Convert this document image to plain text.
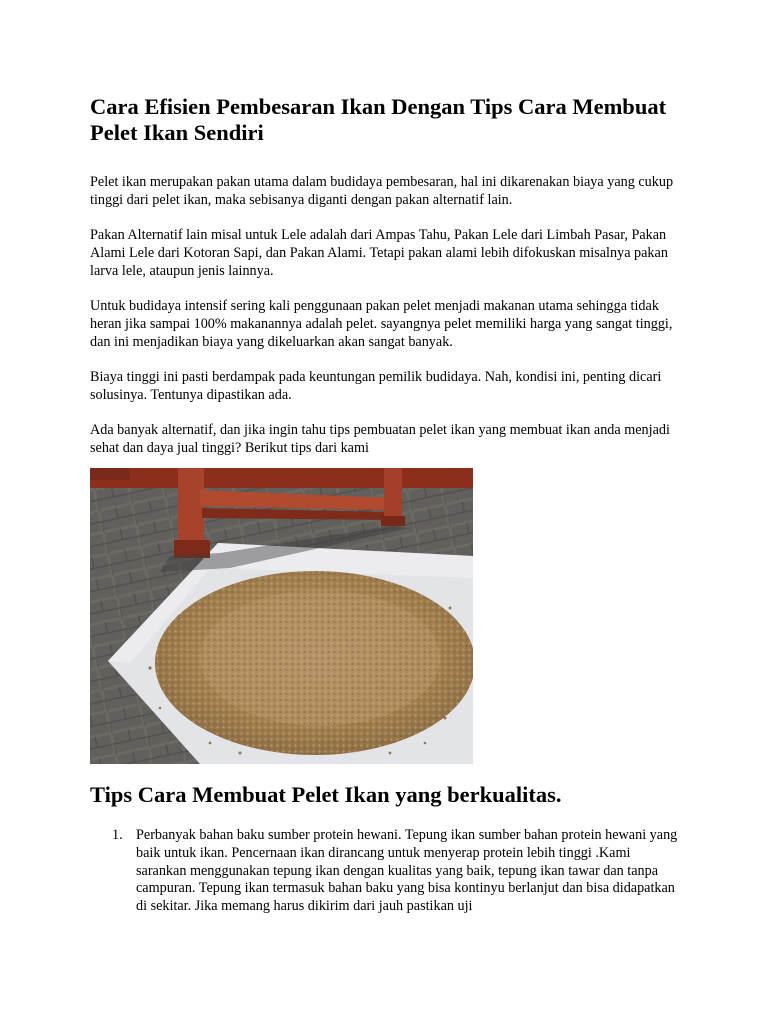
Cara Efisien Pembesaran Ikan Dengan Tips Cara Membuat Pelet Ikan Sendiri

Pelet ikan merupakan pakan utama dalam budidaya pembesaran, hal ini dikarenakan biaya yang cukup tinggi dari pelet ikan, maka sebisanya diganti dengan pakan alternatif lain.

Pakan Alternatif lain misal untuk Lele adalah dari Ampas Tahu, Pakan Lele dari Limbah Pasar, Pakan Alami Lele dari Kotoran Sapi, dan Pakan Alami. Tetapi pakan alami lebih difokuskan misalnya pakan larva lele, ataupun jenis lainnya.

Untuk budidaya intensif sering kali penggunaan pakan pelet menjadi makanan utama sehingga tidak heran jika sampai 100% makanannya adalah pelet. sayangnya pelet memiliki harga yang sangat tinggi, dan ini menjadikan biaya yang dikeluarkan akan sangat banyak.

Biaya tinggi ini pasti berdampak pada keuntungan pemilik budidaya. Nah, kondisi ini, penting dicari solusinya. Tentunya dipastikan ada.

Ada banyak alternatif, dan jika ingin tahu tips pembuatan pelet ikan yang membuat ikan anda menjadi sehat dan daya jual tinggi? Berikut tips dari kami

Tips Cara Membuat Pelet Ikan yang berkualitas.
1. Perbanyak bahan baku sumber protein hewani. Tepung ikan sumber bahan protein hewani yang baik untuk ikan. Pencernaan ikan dirancang untuk menyerap protein lebih tinggi .Kami sarankan menggunakan tepung ikan dengan kualitas yang baik, tepung ikan tawar dan tanpa campuran. Tepung ikan termasuk bahan baku yang bisa kontinyu berlanjut dan bisa didapatkan di sekitar. Jika memang harus dikirim dari jauh pastikan uji
